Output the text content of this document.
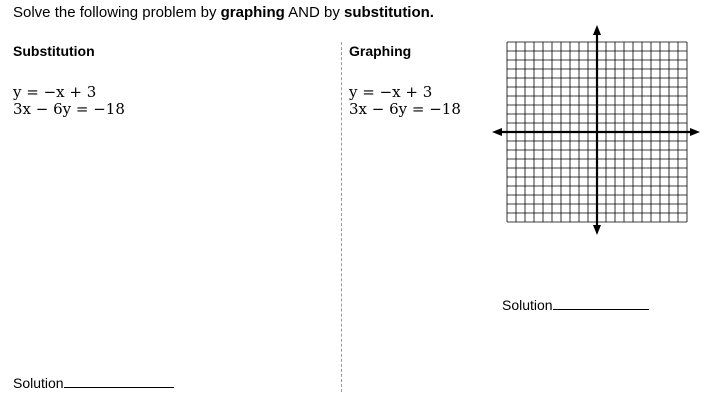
Solve the following problem by graphing AND by substitution.
Substitution
y = −x + 3
3x − 6y = −18
Solution
Graphing
y = −x + 3
3x − 6y = −18
Solution
